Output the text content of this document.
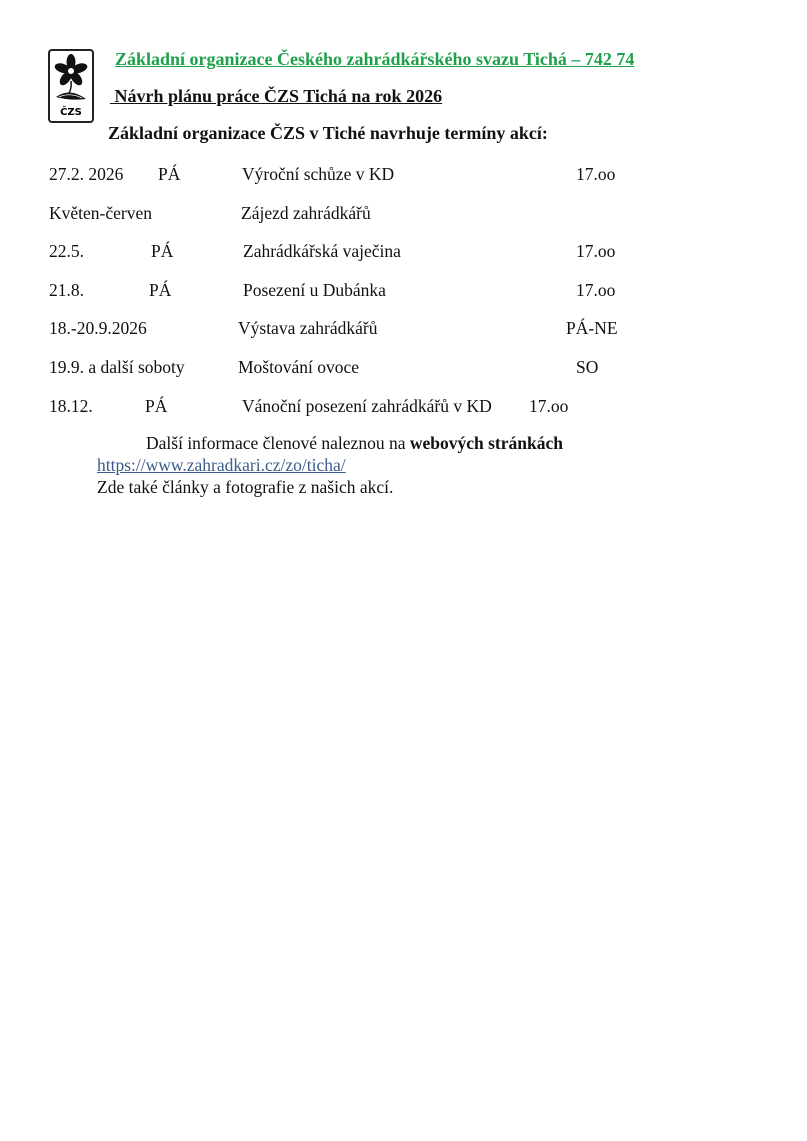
ČZS
Základní organizace Českého zahrádkářského svazu Tichá – 742 74
Návrh plánu práce ČZS Tichá na rok 2026
Základní organizace ČZS v Tiché navrhuje termíny akcí:
27.2. 2026 PÁ	Výroční schůze v KD	17.oo
Květen-červen	Zájezd zahrádkářů
22.5.	PÁ	Zahrádkářská vaječina	17.oo
21.8.	PÁ	Posezení u Dubánka	17.oo
18.-20.9.2026	Výstava zahrádkářů	PÁ-NE
19.9. a další soboty	Moštování ovoce	SO
18.12.	PÁ	Vánoční posezení zahrádkářů v KD 17.oo
Další informace členové naleznou na webových stránkách
https://www.zahradkari.cz/zo/ticha/
Zde také články a fotografie z našich akcí.
